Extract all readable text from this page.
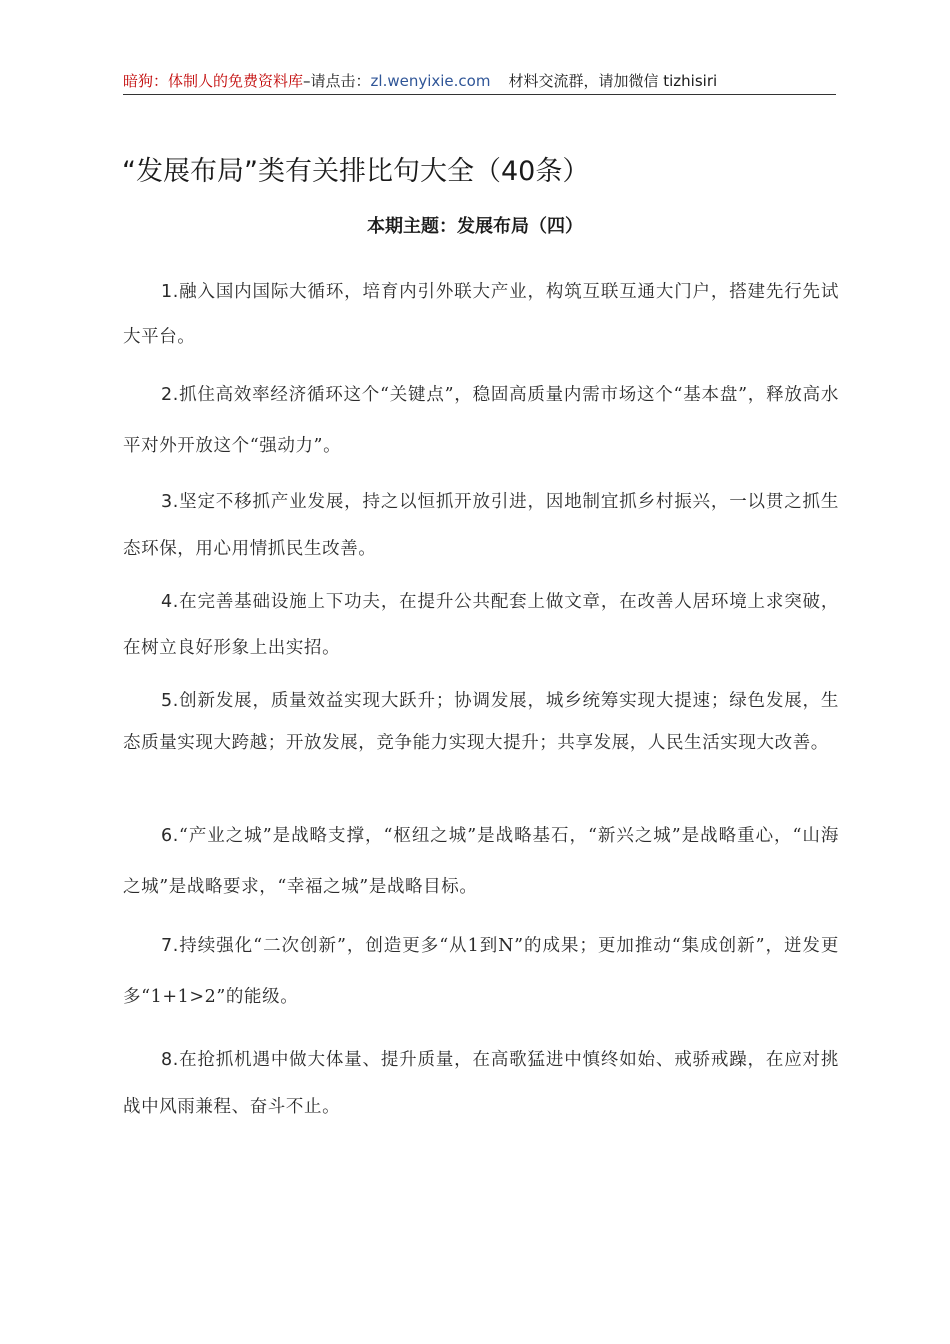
暗狗：体制人的免费资料库–请点击：zl.wenyixie.com 材料交流群，请加微信 tizhisiri
“发展布局”类有关排比句大全（40条）
本期主题：发展布局（四）
1.融入国内国际大循环，培育内引外联大产业，构筑互联互通大门户，搭建先行先试大平台。
2.抓住高效率经济循环这个“关键点”，稳固高质量内需市场这个“基本盘”，释放高水平对外开放这个“强动力”。
3.坚定不移抓产业发展，持之以恒抓开放引进，因地制宜抓乡村振兴，一以贯之抓生态环保，用心用情抓民生改善。
4.在完善基础设施上下功夫，在提升公共配套上做文章，在改善人居环境上求突破，在树立良好形象上出实招。
5.创新发展，质量效益实现大跃升；协调发展，城乡统筹实现大提速；绿色发展，生态质量实现大跨越；开放发展，竞争能力实现大提升；共享发展，人民生活实现大改善。
6.“产业之城”是战略支撑，“枢纽之城”是战略基石，“新兴之城”是战略重心，“山海之城”是战略要求，“幸福之城”是战略目标。
7.持续强化“二次创新”，创造更多“从1到N”的成果；更加推动“集成创新”，迸发更多“1+1>2”的能级。
8.在抢抓机遇中做大体量、提升质量，在高歌猛进中慎终如始、戒骄戒躁，在应对挑战中风雨兼程、奋斗不止。
